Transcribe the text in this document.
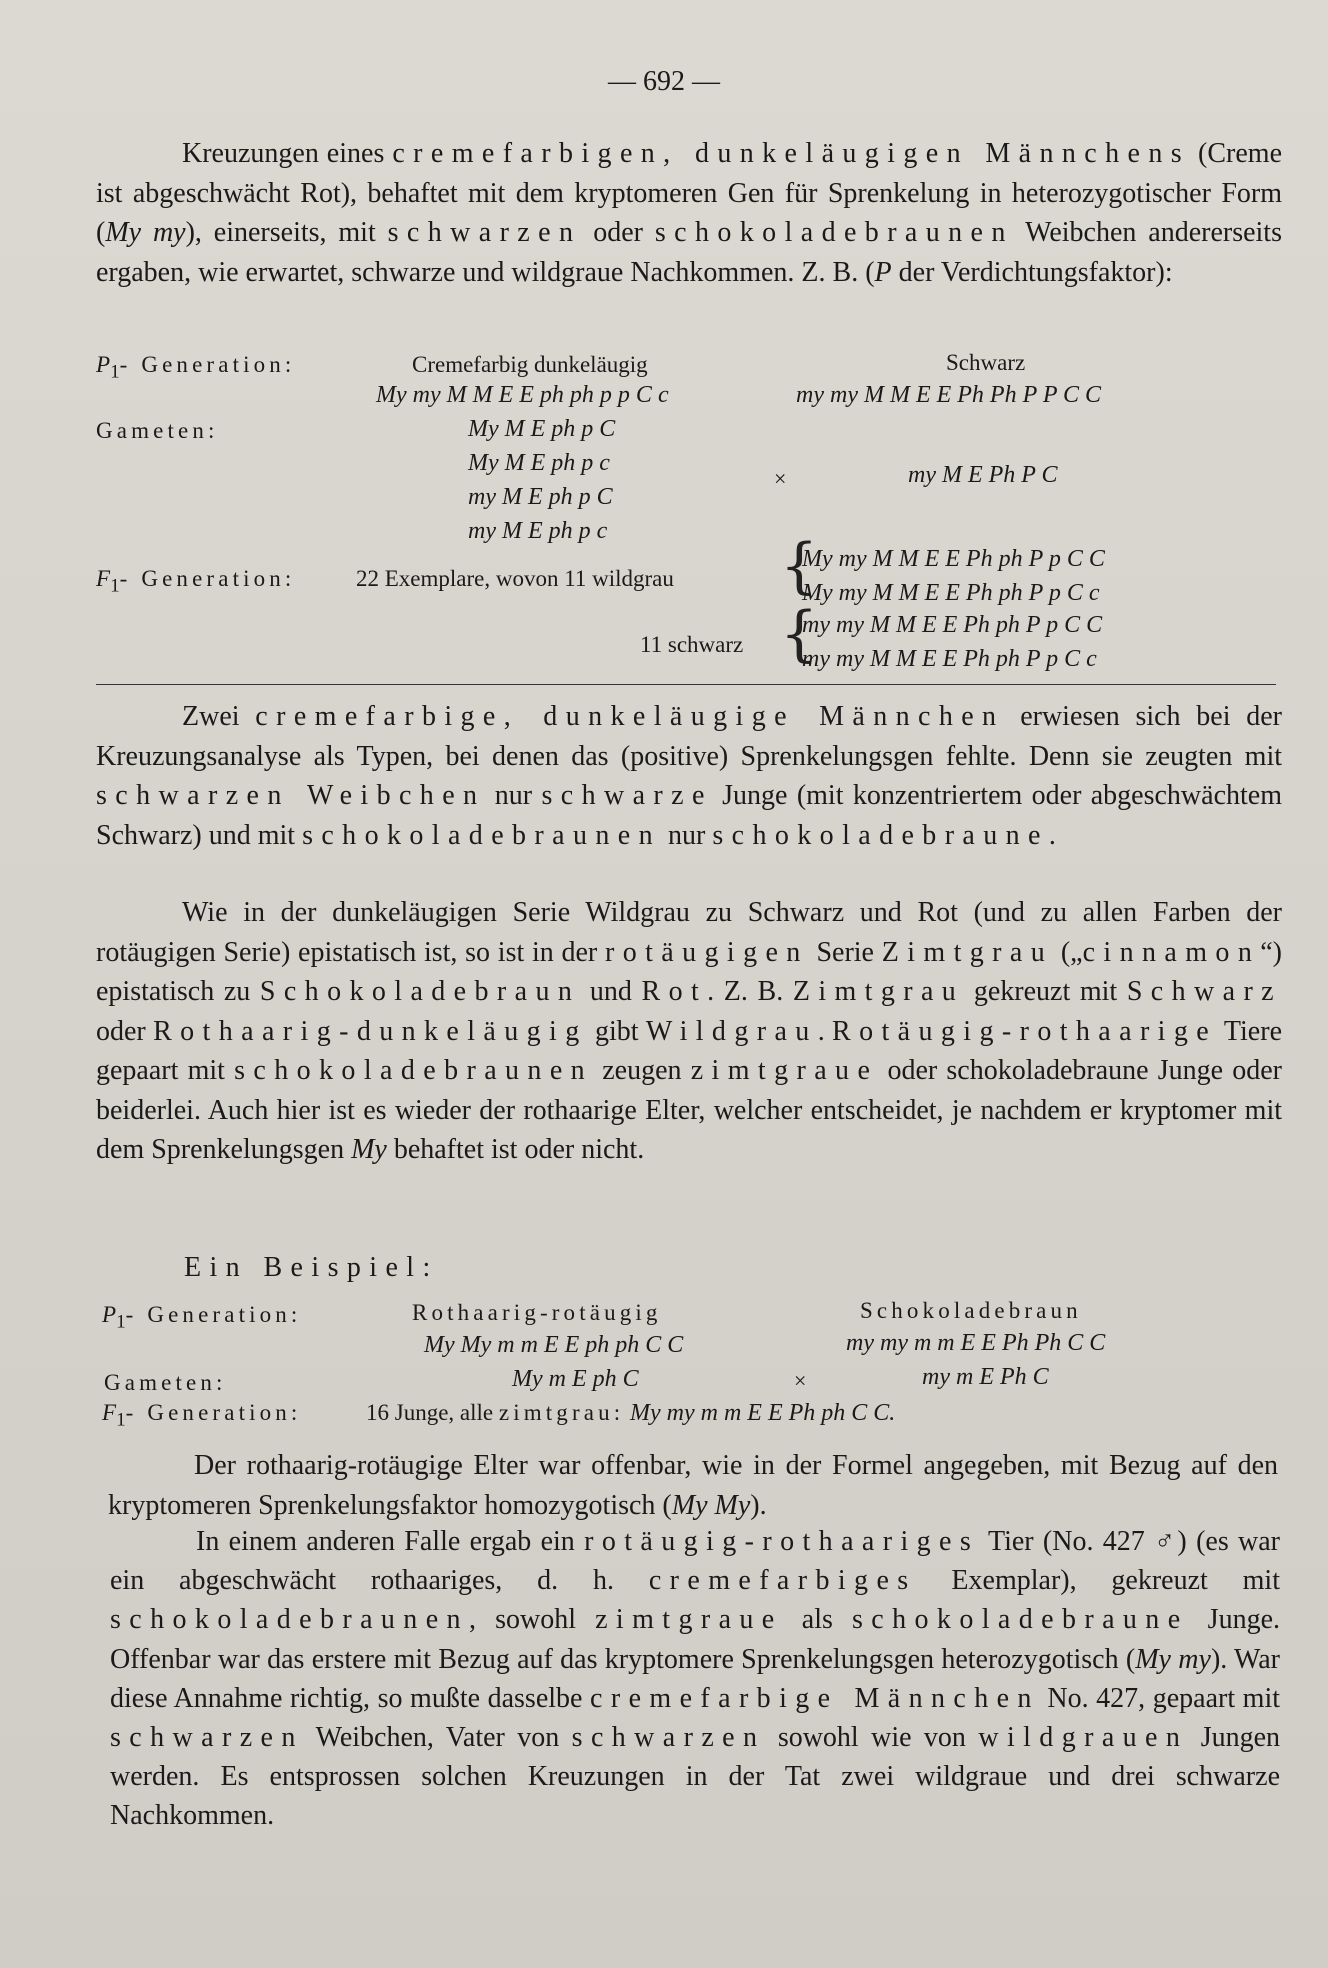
— 692 —

Kreuzungen eines cremefarbigen, dunkeläugigen Männchens (Creme ist abgeschwächt Rot), behaftet mit dem kryptomeren Gen für Sprenkelung in heterozygotischer Form (My my), einerseits, mit schwarzen oder schokoladebraunen Weibchen andererseits ergaben, wie erwartet, schwarze und wildgraue Nachkommen. Z. B. (P der Verdichtungsfaktor):

$P_1-$ Generation:	Cremefarbig dunkeläugig	Schwarz
My my M M E E ph ph p p C c	my my M M E E Ph Ph P P C C
Gameten:	My M E ph p C
My M E ph p c
my M E ph p C
my M E ph p c
×	my M E Ph P C
$F_1-$ Generation:	22 Exemplare, wovon 11 wildgrau {
My my M M E E Ph ph P p C C
My my M M E E Ph ph P p C c
11 schwarz {
my my M M E E Ph ph P p C C
my my M M E E Ph ph P p C c

Zwei cremefarbige, dunkeläugige Männchen erwiesen sich bei der Kreuzungsanalyse als Typen, bei denen das (positive) Sprenkelungsgen fehlte. Denn sie zeugten mit schwarzen Weibchen nur schwarze Junge (mit konzentriertem oder abgeschwächtem Schwarz) und mit schokoladebraunen nur schokoladebraune.

Wie in der dunkeläugigen Serie Wildgrau zu Schwarz und Rot (und zu allen Farben der rotäugigen Serie) epistatisch ist, so ist in der rotäugigen Serie Zimtgrau („cinnamon“) epistatisch zu Schokoladebraun und Rot. Z. B. Zimtgrau gekreuzt mit Schwarz oder Rothaarig-dunkeläugig gibt Wildgrau. Rotäugig-rothaarige Tiere gepaart mit schokoladebraunen zeugen zimtgraue oder schokoladebraune Junge oder beiderlei. Auch hier ist es wieder der rothaarige Elter, welcher entscheidet, je nachdem er kryptomer mit dem Sprenkelungsgen My behaftet ist oder nicht.

Ein Beispiel:
$P_1-$ Generation:	Rothaarig-rotäugig	Schokoladebraun
My My m m E E ph ph C C	my my m m E E Ph Ph C C
Gameten:	My m E ph C	×	my m E Ph C
$F_1-$ Generation:	16 Junge, alle zimtgrau: My my m m E E Ph ph C C.

Der rothaarig-rotäugige Elter war offenbar, wie in der Formel angegeben, mit Bezug auf den kryptomeren Sprenkelungsfaktor homozygotisch (My My).

In einem anderen Falle ergab ein rotäugig-rothaariges Tier (No. 427 ♂) (es war ein abgeschwächt rothaariges, d. h. cremefarbiges Exemplar), gekreuzt mit schokoladebraunen, sowohl zimtgraue als schokoladebraune Junge. Offenbar war das erstere mit Bezug auf das kryptomere Sprenkelungsgen heterozygotisch (My my). War diese Annahme richtig, so mußte dasselbe cremefarbige Männchen No. 427, gepaart mit schwarzen Weibchen, Vater von schwarzen sowohl wie von wildgrauen Jungen werden. Es entsprossen solchen Kreuzungen in der Tat zwei wildgraue und drei schwarze Nachkommen.
